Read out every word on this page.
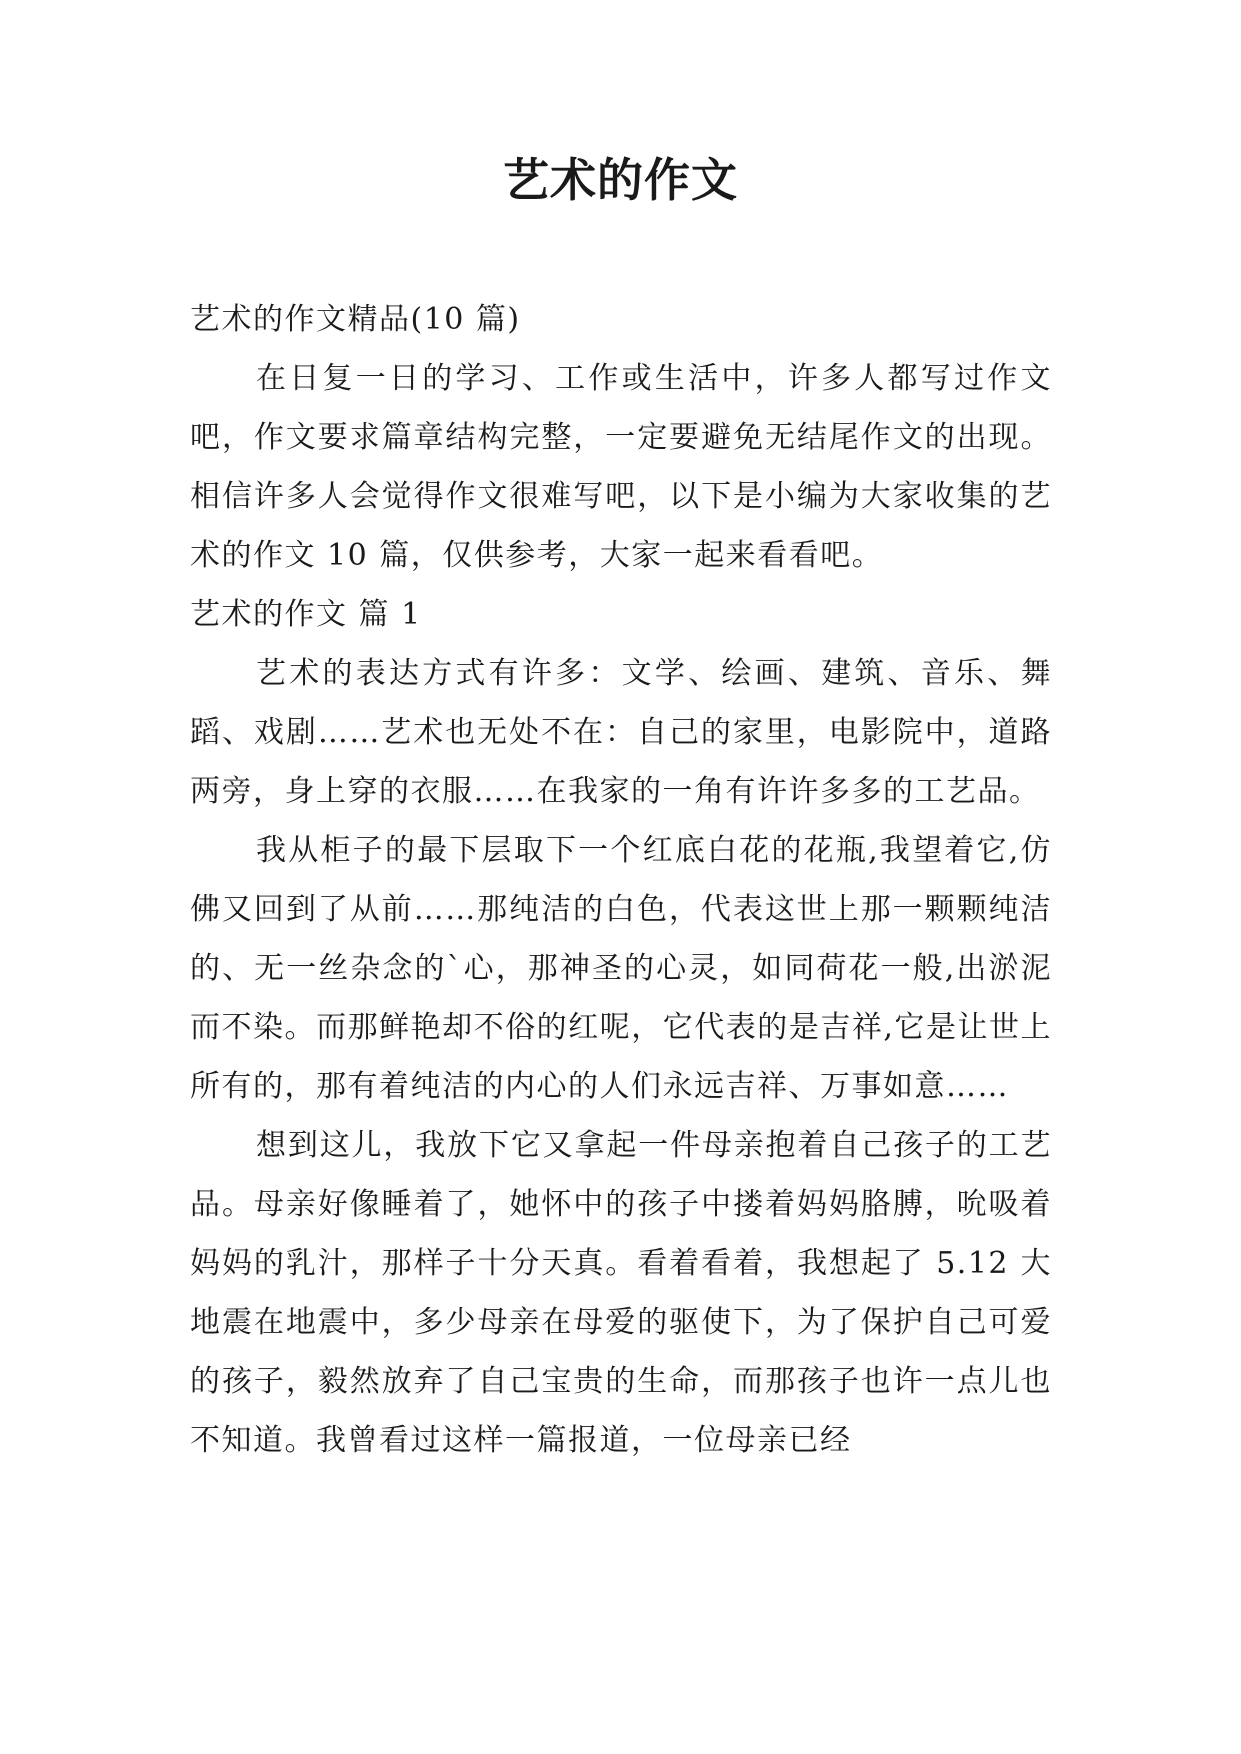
艺术的作文

艺术的作文精品(10 篇)

在日复一日的学习、工作或生活中，许多人都写过作文吧，作文要求篇章结构完整，一定要避免无结尾作文的出现。相信许多人会觉得作文很难写吧，以下是小编为大家收集的艺术的作文 10 篇，仅供参考，大家一起来看看吧。

艺术的作文 篇 1

艺术的表达方式有许多：文学、绘画、建筑、音乐、舞蹈、戏剧……艺术也无处不在：自己的家里，电影院中，道路两旁，身上穿的衣服……在我家的一角有许许多多的工艺品。

我从柜子的最下层取下一个红底白花的花瓶,我望着它,仿佛又回到了从前……那纯洁的白色，代表这世上那一颗颗纯洁的、无一丝杂念的`心，那神圣的心灵，如同荷花一般,出淤泥而不染。而那鲜艳却不俗的红呢，它代表的是吉祥,它是让世上所有的，那有着纯洁的内心的人们永远吉祥、万事如意……

想到这儿，我放下它又拿起一件母亲抱着自己孩子的工艺品。母亲好像睡着了，她怀中的孩子中搂着妈妈胳膊，吮吸着妈妈的乳汁，那样子十分天真。看着看着，我想起了 5.12 大地震在地震中，多少母亲在母爱的驱使下，为了保护自己可爱的孩子，毅然放弃了自己宝贵的生命，而那孩子也许一点儿也不知道。我曾看过这样一篇报道，一位母亲已经
